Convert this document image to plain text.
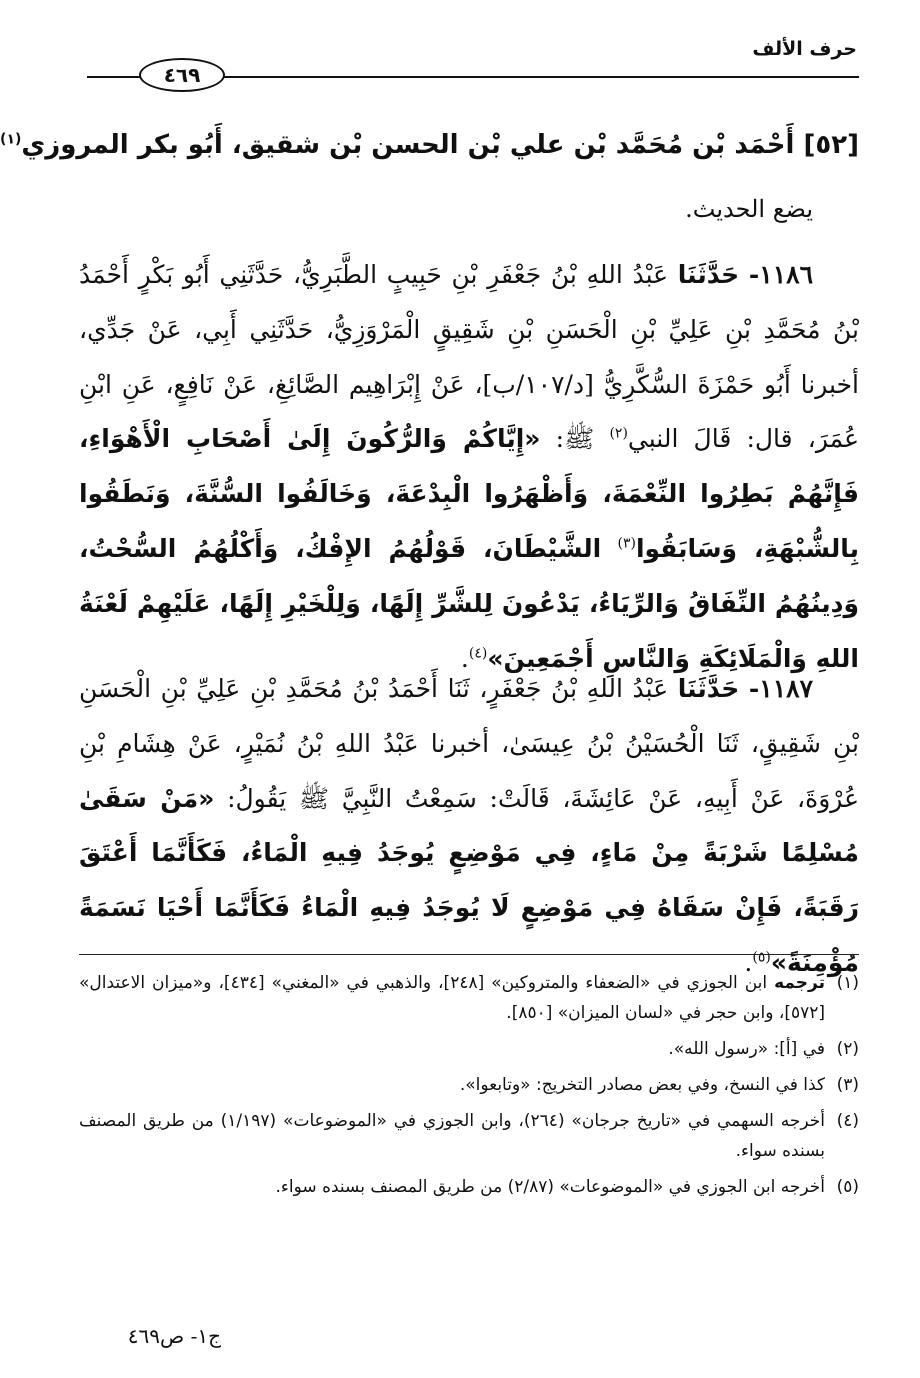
حرف الألف
٤٦٩
[٥٢] أَحْمَد بْن مُحَمَّد بْن علي بْن الحسن بْن شقيق، أَبُو بكر المروزي$^{(١)}$
يضع الحديث.
١١٨٦- حَدَّثَنَا عَبْدُ اللهِ بْنُ جَعْفَرِ بْنِ حَبِيبٍ الطَّبَرِيُّ، حَدَّثَنِي أَبُو بَكْرٍ أَحْمَدُ بْنُ مُحَمَّدِ بْنِ عَلِيِّ بْنِ الْحَسَنِ بْنِ شَقِيقٍ الْمَرْوَزِيُّ، حَدَّثَنِي أَبِي، عَنْ جَدِّي، أخبرنا أَبُو حَمْزَةَ السُّكَّرِيُّ [د/١٠٧/ب]، عَنْ إِبْرَاهِيم الصَّائِغِ، عَنْ نَافِعٍ، عَنِ ابْنِ عُمَرَ، قال: قَالَ النبي$^{(٢)}$ ﷺ: «إِيَّاكُمْ وَالرُّكُونَ إِلَىٰ أَصْحَابِ الْأَهْوَاءِ، فَإِنَّهُمْ بَطِرُوا النِّعْمَةَ، وَأَظْهَرُوا الْبِدْعَةَ، وَخَالَفُوا السُّنَّةَ، وَنَطَقُوا بِالشُّبْهَةِ، وَسَابَقُوا$^{(٣)}$ الشَّيْطَانَ، قَوْلُهُمُ الإِفْكُ، وَأَكْلُهُمُ السُّحْتُ، وَدِينُهُمُ النِّفَاقُ وَالرِّيَاءُ، يَدْعُونَ لِلشَّرِّ إِلَهًا، وَلِلْخَيْرِ إِلَهًا، عَلَيْهِمْ لَعْنَةُ اللهِ وَالْمَلَائِكَةِ وَالنَّاسِ أَجْمَعِينَ»$^{(٤)}$.
١١٨٧- حَدَّثَنَا عَبْدُ اللهِ بْنُ جَعْفَرٍ، ثَنَا أَحْمَدُ بْنُ مُحَمَّدِ بْنِ عَلِيِّ بْنِ الْحَسَنِ بْنِ شَقِيقٍ، ثَنَا الْحُسَيْنُ بْنُ عِيسَىٰ، أخبرنا عَبْدُ اللهِ بْنُ نُمَيْرٍ، عَنْ هِشَامِ بْنِ عُرْوَةَ، عَنْ أَبِيهِ، عَنْ عَائِشَةَ، قَالَتْ: سَمِعْتُ النَّبِيَّ ﷺ يَقُولُ: «مَنْ سَقَىٰ مُسْلِمًا شَرْبَةً مِنْ مَاءٍ، فِي مَوْضِعٍ يُوجَدُ فِيهِ الْمَاءُ، فَكَأَنَّمَا أَعْتَقَ رَقَبَةً، فَإِنْ سَقَاهُ فِي مَوْضِعٍ لَا يُوجَدُ فِيهِ الْمَاءُ فَكَأَنَّمَا أَحْيَا نَسَمَةً مُؤْمِنَةً»$^{(٥)}$.

(١)ترجمه ابن الجوزي في «الضعفاء والمتروكين» [٢٤٨]، والذهبي في «المغني» [٤٣٤]، و«ميزان الاعتدال» [٥٧٢]، وابن حجر في «لسان الميزان» [٨٥٠].

(٢)في [أ]: «رسول الله».

(٣)كذا في النسخ، وفي بعض مصادر التخريج: «وتابعوا».

(٤)أخرجه السهمي في «تاريخ جرجان» (٢٦٤)، وابن الجوزي في «الموضوعات» (١/١٩٧) من طريق المصنف بسنده سواء.

(٥)أخرجه ابن الجوزي في «الموضوعات» (٢/٨٧) من طريق المصنف بسنده سواء.

ج١- ص٤٦٩
